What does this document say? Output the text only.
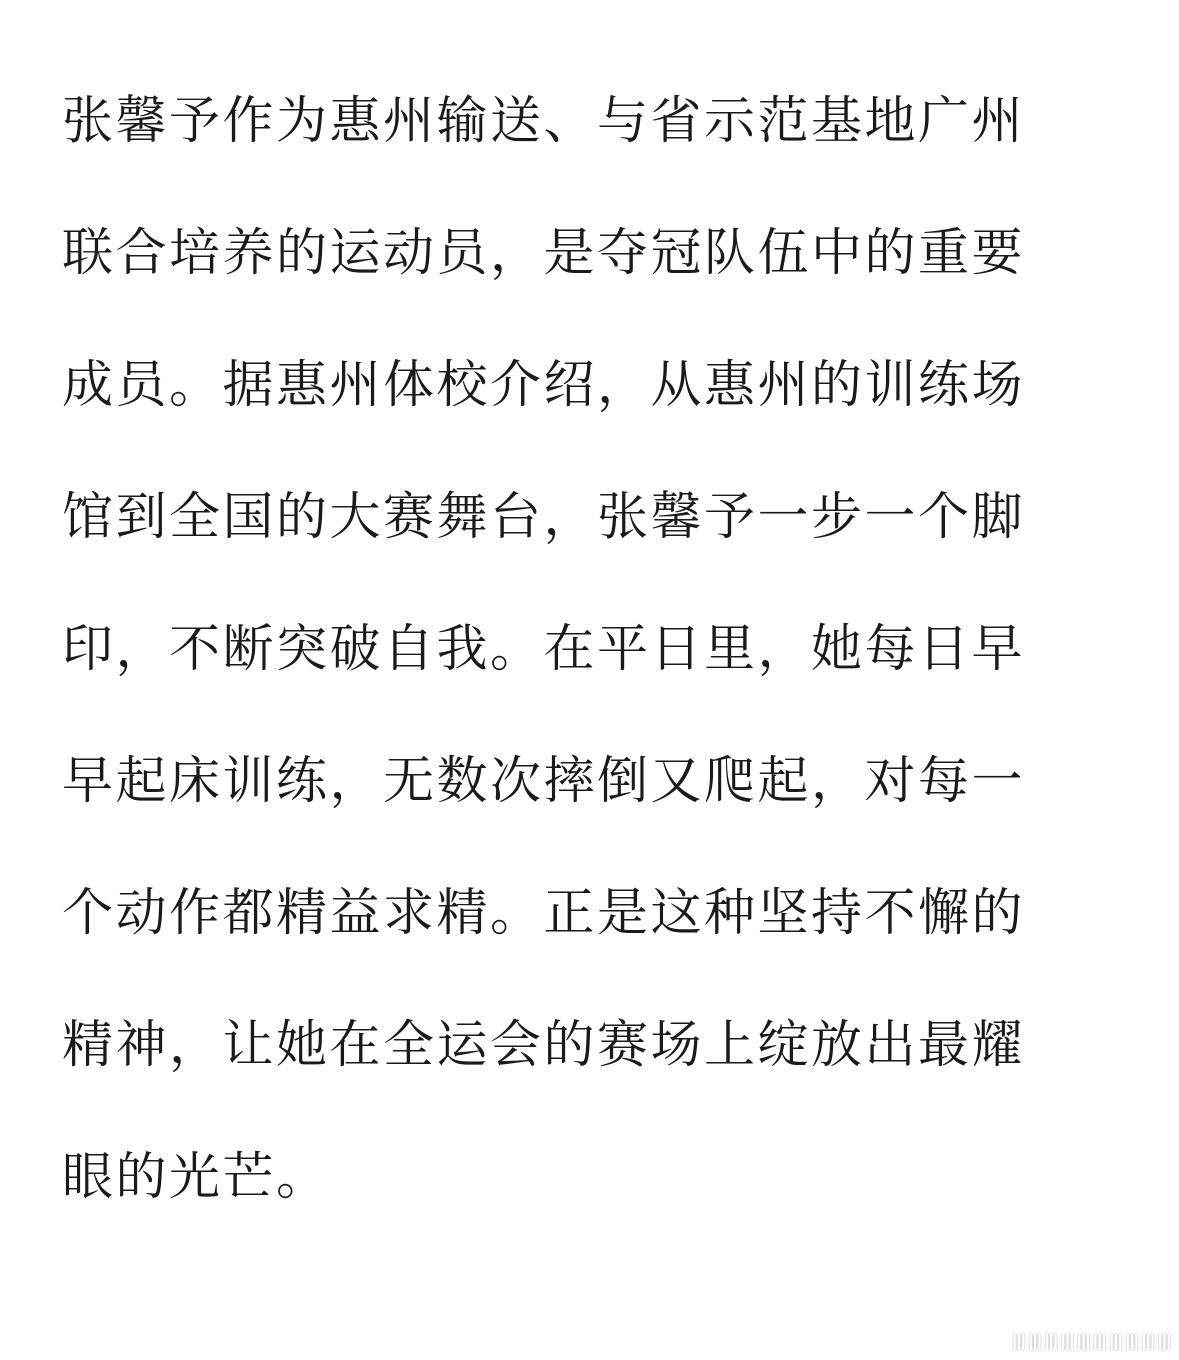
张馨予作为惠州输送、与省示范基地广州
联合培养的运动员，是夺冠队伍中的重要
成员。据惠州体校介绍，从惠州的训练场
馆到全国的大赛舞台，张馨予一步一个脚
印，不断突破自我。在平日里，她每日早
早起床训练，无数次摔倒又爬起，对每一
个动作都精益求精。正是这种坚持不懈的
精神，让她在全运会的赛场上绽放出最耀
眼的光芒。
ⅢⅢⅢⅢⅢⅢⅢⅢⅢⅢ
